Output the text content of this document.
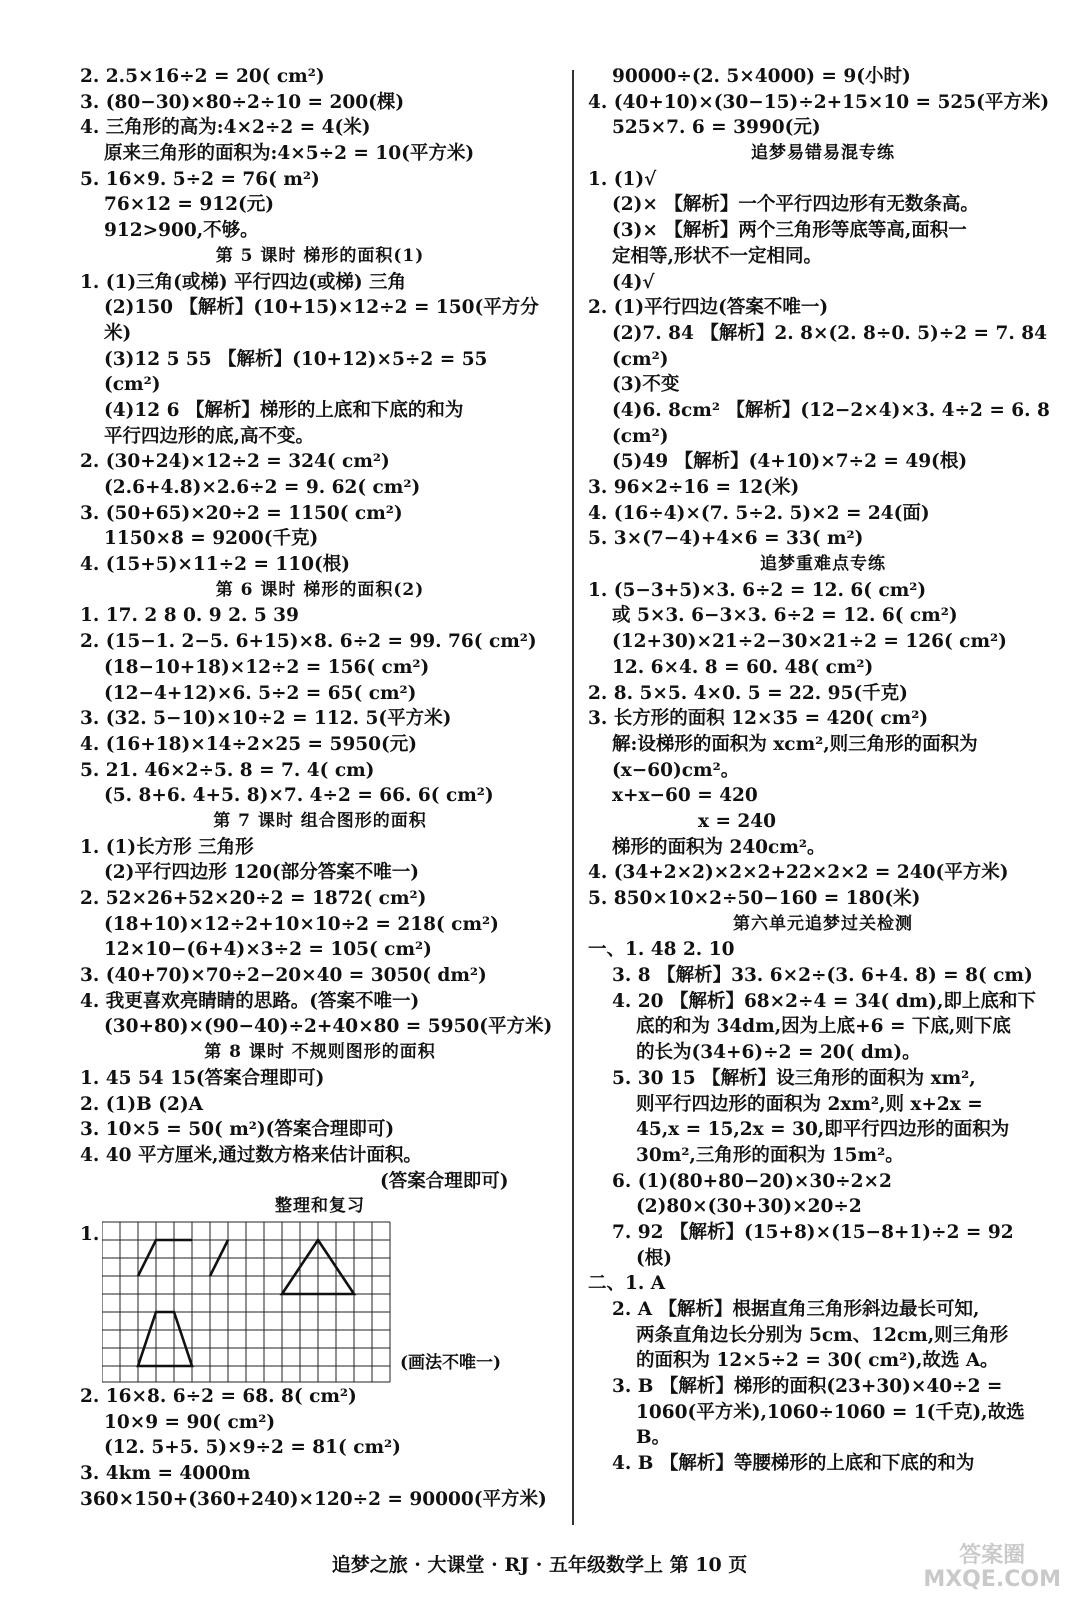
2. 2.5×16÷2 = 20( cm²)
3. (80−30)×80÷2÷10 = 200(棵)
4. 三角形的高为:4×2÷2 = 4(米)
原来三角形的面积为:4×5÷2 = 10(平方米)
5. 16×9. 5÷2 = 76( m²)
76×12 = 912(元)
912>900,不够。
第 5 课时 梯形的面积(1)
1. (1)三角(或梯) 平行四边(或梯) 三角
(2)150 【解析】(10+15)×12÷2 = 150(平方分
米)
(3)12 5 55 【解析】(10+12)×5÷2 = 55
(cm²)
(4)12 6 【解析】梯形的上底和下底的和为
平行四边形的底,高不变。
2. (30+24)×12÷2 = 324( cm²)
(2.6+4.8)×2.6÷2 = 9. 62( cm²)
3. (50+65)×20÷2 = 1150( cm²)
1150×8 = 9200(千克)
4. (15+5)×11÷2 = 110(根)
第 6 课时 梯形的面积(2)
1. 17. 2 8 0. 9 2. 5 39
2. (15−1. 2−5. 6+15)×8. 6÷2 = 99. 76( cm²)
(18−10+18)×12÷2 = 156( cm²)
(12−4+12)×6. 5÷2 = 65( cm²)
3. (32. 5−10)×10÷2 = 112. 5(平方米)
4. (16+18)×14÷2×25 = 5950(元)
5. 21. 46×2÷5. 8 = 7. 4( cm)
(5. 8+6. 4+5. 8)×7. 4÷2 = 66. 6( cm²)
第 7 课时 组合图形的面积
1. (1)长方形 三角形
(2)平行四边形 120(部分答案不唯一)
2. 52×26+52×20÷2 = 1872( cm²)
(18+10)×12÷2+10×10÷2 = 218( cm²)
12×10−(6+4)×3÷2 = 105( cm²)
3. (40+70)×70÷2−20×40 = 3050( dm²)
4. 我更喜欢亮睛睛的思路。(答案不唯一)
(30+80)×(90−40)÷2+40×80 = 5950(平方米)
第 8 课时 不规则图形的面积
1. 45 54 15(答案合理即可)
2. (1)B (2)A
3. 10×5 = 50( m²)(答案合理即可)
4. 40 平方厘米,通过数方格来估计面积。
(答案合理即可)
整理和复习
1.
(画法不唯一)
2. 16×8. 6÷2 = 68. 8( cm²)
10×9 = 90( cm²)
(12. 5+5. 5)×9÷2 = 81( cm²)
3. 4km = 4000m
360×150+(360+240)×120÷2 = 90000(平方米)
90000÷(2. 5×4000) = 9(小时)
4. (40+10)×(30−15)÷2+15×10 = 525(平方米)
525×7. 6 = 3990(元)
追梦易错易混专练
1. (1)√
(2)× 【解析】一个平行四边形有无数条高。
(3)× 【解析】两个三角形等底等高,面积一
定相等,形状不一定相同。
(4)√
2. (1)平行四边(答案不唯一)
(2)7. 84 【解析】2. 8×(2. 8÷0. 5)÷2 = 7. 84
(cm²)
(3)不变
(4)6. 8cm² 【解析】(12−2×4)×3. 4÷2 = 6. 8
(cm²)
(5)49 【解析】(4+10)×7÷2 = 49(根)
3. 96×2÷16 = 12(米)
4. (16÷4)×(7. 5÷2. 5)×2 = 24(面)
5. 3×(7−4)+4×6 = 33( m²)
追梦重难点专练
1. (5−3+5)×3. 6÷2 = 12. 6( cm²)
或 5×3. 6−3×3. 6÷2 = 12. 6( cm²)
(12+30)×21÷2−30×21÷2 = 126( cm²)
12. 6×4. 8 = 60. 48( cm²)
2. 8. 5×5. 4×0. 5 = 22. 95(千克)
3. 长方形的面积 12×35 = 420( cm²)
解:设梯形的面积为 xcm²,则三角形的面积为
(x−60)cm²。
x+x−60 = 420
x = 240
梯形的面积为 240cm²。
4. (34+2×2)×2×2+22×2×2 = 240(平方米)
5. 850×10×2÷50−160 = 180(米)
第六单元追梦过关检测
一、1. 48 2. 10
3. 8 【解析】33. 6×2÷(3. 6+4. 8) = 8( cm)
4. 20 【解析】68×2÷4 = 34( dm),即上底和下
底的和为 34dm,因为上底+6 = 下底,则下底
的长为(34+6)÷2 = 20( dm)。
5. 30 15 【解析】设三角形的面积为 xm²,
则平行四边形的面积为 2xm²,则 x+2x =
45,x = 15,2x = 30,即平行四边形的面积为
30m²,三角形的面积为 15m²。
6. (1)(80+80−20)×30÷2×2
(2)80×(30+30)×20÷2
7. 92 【解析】(15+8)×(15−8+1)÷2 = 92
(根)
二、1. A
2. A 【解析】根据直角三角形斜边最长可知,
两条直角边长分别为 5cm、12cm,则三角形
的面积为 12×5÷2 = 30( cm²),故选 A。
3. B 【解析】梯形的面积(23+30)×40÷2 =
1060(平方米),1060÷1060 = 1(千克),故选
B。
4. B 【解析】等腰梯形的上底和下底的和为
追梦之旅 · 大课堂 · RJ · 五年级数学上 第 10 页	答案圈
MXQE.COM
